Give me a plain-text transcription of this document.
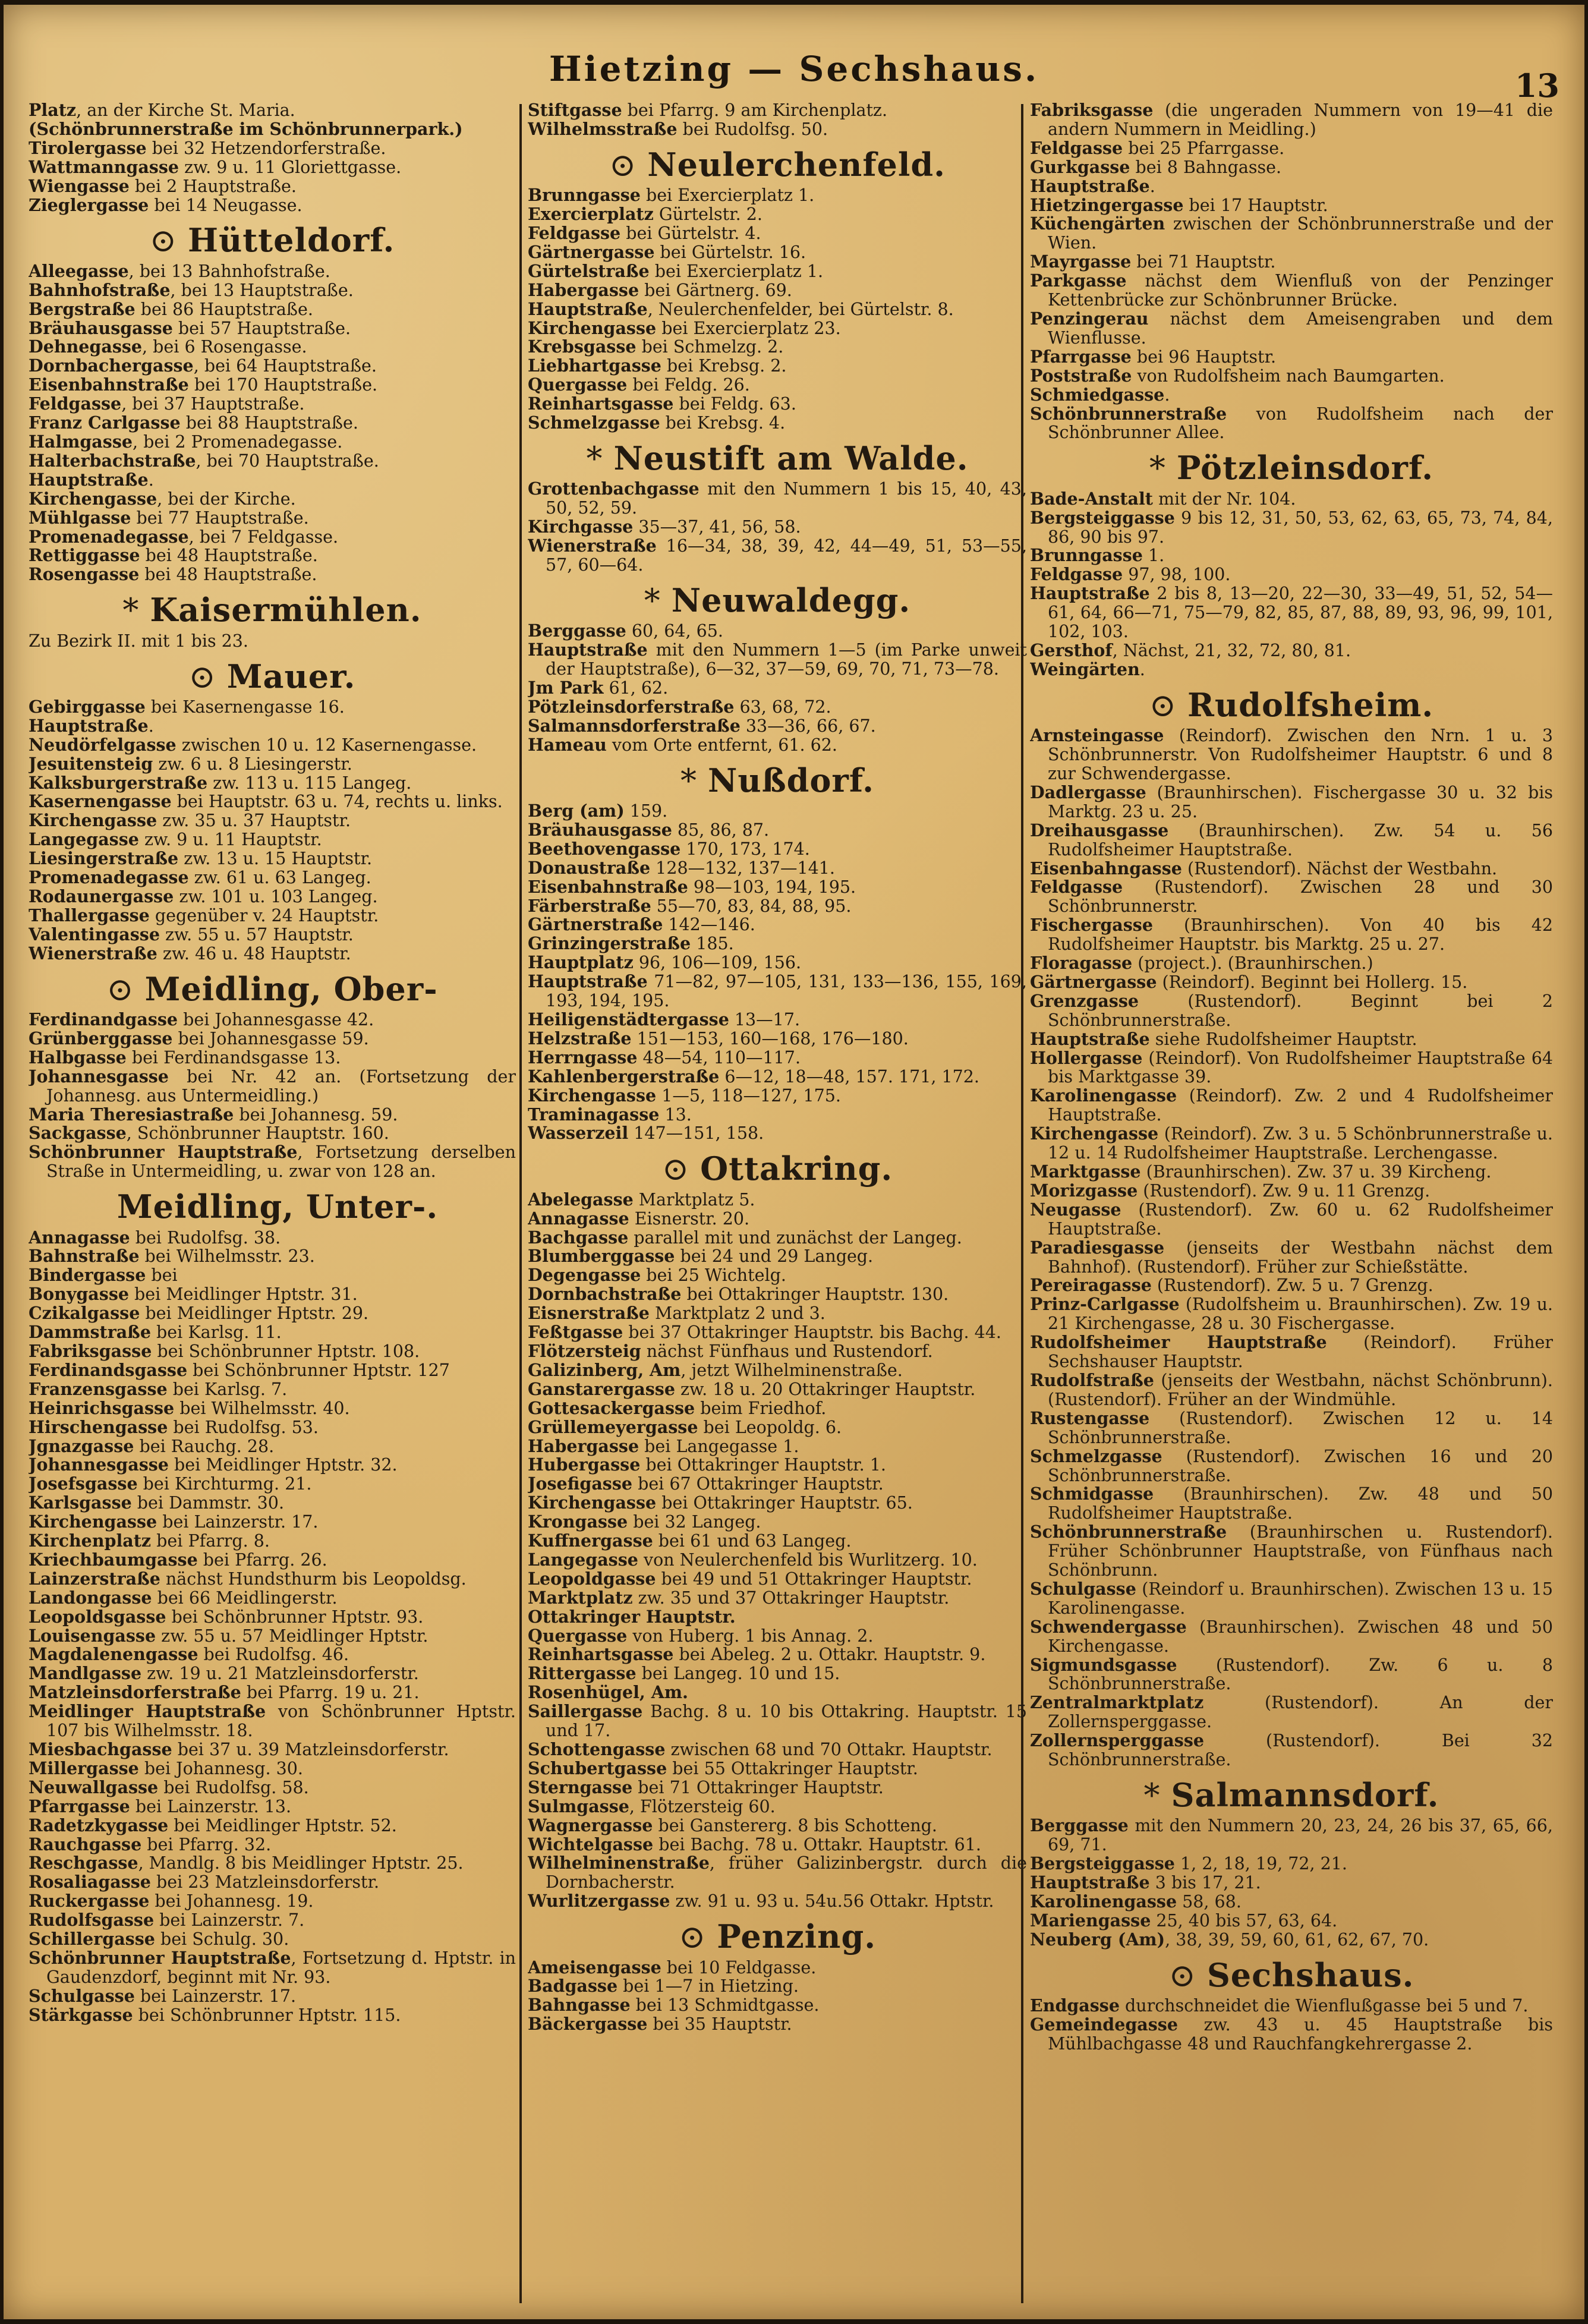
Hietzing — Sechshaus.	13

Platz, an der Kirche St. Maria.

(Schönbrunnerstraße im Schönbrunnerpark.)

Tirolergasse bei 32 Hetzendorferstraße.

Wattmanngasse zw. 9 u. 11 Gloriettgasse.

Wiengasse bei 2 Hauptstraße.

Zieglergasse bei 14 Neugasse.

⊙ Hütteldorf.

Alleegasse, bei 13 Bahnhofstraße.

Bahnhofstraße, bei 13 Hauptstraße.

Bergstraße bei 86 Hauptstraße.

Bräuhausgasse bei 57 Hauptstraße.

Dehnegasse, bei 6 Rosengasse.

Dornbachergasse, bei 64 Hauptstraße.

Eisenbahnstraße bei 170 Hauptstraße.

Feldgasse, bei 37 Hauptstraße.

Franz Carlgasse bei 88 Hauptstraße.

Halmgasse, bei 2 Promenadegasse.

Halterbachstraße, bei 70 Hauptstraße.

Hauptstraße.

Kirchengasse, bei der Kirche.

Mühlgasse bei 77 Hauptstraße.

Promenadegasse, bei 7 Feldgasse.

Rettiggasse bei 48 Hauptstraße.

Rosengasse bei 48 Hauptstraße.

* Kaisermühlen.

Zu Bezirk II. mit 1 bis 23.

⊙ Mauer.

Gebirggasse bei Kasernengasse 16.

Hauptstraße.

Neudörfelgasse zwischen 10 u. 12 Kasernengasse.

Jesuitensteig zw. 6 u. 8 Liesingerstr.

Kalksburgerstraße zw. 113 u. 115 Langeg.

Kasernengasse bei Hauptstr. 63 u. 74, rechts u. links.

Kirchengasse zw. 35 u. 37 Hauptstr.

Langegasse zw. 9 u. 11 Hauptstr.

Liesingerstraße zw. 13 u. 15 Hauptstr.

Promenadegasse zw. 61 u. 63 Langeg.

Rodaunergasse zw. 101 u. 103 Langeg.

Thallergasse gegenüber v. 24 Hauptstr.

Valentingasse zw. 55 u. 57 Hauptstr.

Wienerstraße zw. 46 u. 48 Hauptstr.

⊙ Meidling, Ober-

Ferdinandgasse bei Johannesgasse 42.

Grünberggasse bei Johannesgasse 59.

Halbgasse bei Ferdinandsgasse 13.

Johannesgasse bei Nr. 42 an. (Fortsetzung der Johannesg. aus Untermeidling.)

Maria Theresiastraße bei Johannesg. 59.

Sackgasse, Schönbrunner Hauptstr. 160.

Schönbrunner Hauptstraße, Fortsetzung derselben Straße in Untermeidling, u. zwar von 128 an.

Meidling, Unter-.

Annagasse bei Rudolfsg. 38.

Bahnstraße bei Wilhelmsstr. 23.

Bindergasse bei

Bonygasse bei Meidlinger Hptstr. 31.

Czikalgasse bei Meidlinger Hptstr. 29.

Dammstraße bei Karlsg. 11.

Fabriksgasse bei Schönbrunner Hptstr. 108.

Ferdinandsgasse bei Schönbrunner Hptstr. 127

Franzensgasse bei Karlsg. 7.

Heinrichsgasse bei Wilhelmsstr. 40.

Hirschengasse bei Rudolfsg. 53.

Jgnazgasse bei Rauchg. 28.

Johannesgasse bei Meidlinger Hptstr. 32.

Josefsgasse bei Kirchturmg. 21.

Karlsgasse bei Dammstr. 30.

Kirchengasse bei Lainzerstr. 17.

Kirchenplatz bei Pfarrg. 8.

Kriechbaumgasse bei Pfarrg. 26.

Lainzerstraße nächst Hundsthurm bis Leopoldsg.

Landongasse bei 66 Meidlingerstr.

Leopoldsgasse bei Schönbrunner Hptstr. 93.

Louisengasse zw. 55 u. 57 Meidlinger Hptstr.

Magdalenengasse bei Rudolfsg. 46.

Mandlgasse zw. 19 u. 21 Matzleinsdorferstr.

Matzleinsdorferstraße bei Pfarrg. 19 u. 21.

Meidlinger Hauptstraße von Schönbrunner Hptstr. 107 bis Wilhelmsstr. 18.

Miesbachgasse bei 37 u. 39 Matzleinsdorferstr.

Millergasse bei Johannesg. 30.

Neuwallgasse bei Rudolfsg. 58.

Pfarrgasse bei Lainzerstr. 13.

Radetzkygasse bei Meidlinger Hptstr. 52.

Rauchgasse bei Pfarrg. 32.

Reschgasse, Mandlg. 8 bis Meidlinger Hptstr. 25.

Rosaliagasse bei 23 Matzleinsdorferstr.

Ruckergasse bei Johannesg. 19.

Rudolfsgasse bei Lainzerstr. 7.

Schillergasse bei Schulg. 30.

Schönbrunner Hauptstraße, Fortsetzung d. Hptstr. in Gaudenzdorf, beginnt mit Nr. 93.

Schulgasse bei Lainzerstr. 17.

Stärkgasse bei Schönbrunner Hptstr. 115.

Stiftgasse bei Pfarrg. 9 am Kirchenplatz.

Wilhelmsstraße bei Rudolfsg. 50.

⊙ Neulerchenfeld.

Brunngasse bei Exercierplatz 1.

Exercierplatz Gürtelstr. 2.

Feldgasse bei Gürtelstr. 4.

Gärtnergasse bei Gürtelstr. 16.

Gürtelstraße bei Exercierplatz 1.

Habergasse bei Gärtnerg. 69.

Hauptstraße, Neulerchenfelder, bei Gürtelstr. 8.

Kirchengasse bei Exercierplatz 23.

Krebsgasse bei Schmelzg. 2.

Liebhartgasse bei Krebsg. 2.

Quergasse bei Feldg. 26.

Reinhartsgasse bei Feldg. 63.

Schmelzgasse bei Krebsg. 4.

* Neustift am Walde.

Grottenbachgasse mit den Nummern 1 bis 15, 40, 43, 50, 52, 59.

Kirchgasse 35—37, 41, 56, 58.

Wienerstraße 16—34, 38, 39, 42, 44—49, 51, 53—55, 57, 60—64.

* Neuwaldegg.

Berggasse 60, 64, 65.

Hauptstraße mit den Nummern 1—5 (im Parke unweit der Hauptstraße), 6—32, 37—59, 69, 70, 71, 73—78.

Jm Park 61, 62.

Pötzleinsdorferstraße 63, 68, 72.

Salmannsdorferstraße 33—36, 66, 67.

Hameau vom Orte entfernt, 61. 62.

* Nußdorf.

Berg (am) 159.

Bräuhausgasse 85, 86, 87.

Beethovengasse 170, 173, 174.

Donaustraße 128—132, 137—141.

Eisenbahnstraße 98—103, 194, 195.

Färberstraße 55—70, 83, 84, 88, 95.

Gärtnerstraße 142—146.

Grinzingerstraße 185.

Hauptplatz 96, 106—109, 156.

Hauptstraße 71—82, 97—105, 131, 133—136, 155, 169, 193, 194, 195.

Heiligenstädtergasse 13—17.

Helzstraße 151—153, 160—168, 176—180.

Herrngasse 48—54, 110—117.

Kahlenbergerstraße 6—12, 18—48, 157. 171, 172.

Kirchengasse 1—5, 118—127, 175.

Traminagasse 13.

Wasserzeil 147—151, 158.

⊙ Ottakring.

Abelegasse Marktplatz 5.

Annagasse Eisnerstr. 20.

Bachgasse parallel mit und zunächst der Langeg.

Blumberggasse bei 24 und 29 Langeg.

Degengasse bei 25 Wichtelg.

Dornbachstraße bei Ottakringer Hauptstr. 130.

Eisnerstraße Marktplatz 2 und 3.

Feßtgasse bei 37 Ottakringer Hauptstr. bis Bachg. 44.

Flötzersteig nächst Fünfhaus und Rustendorf.

Galizinberg, Am, jetzt Wilhelminenstraße.

Ganstarergasse zw. 18 u. 20 Ottakringer Hauptstr.

Gottesackergasse beim Friedhof.

Grüllemeyergasse bei Leopoldg. 6.

Habergasse bei Langegasse 1.

Hubergasse bei Ottakringer Hauptstr. 1.

Josefigasse bei 67 Ottakringer Hauptstr.

Kirchengasse bei Ottakringer Hauptstr. 65.

Krongasse bei 32 Langeg.

Kuffnergasse bei 61 und 63 Langeg.

Langegasse von Neulerchenfeld bis Wurlitzerg. 10.

Leopoldgasse bei 49 und 51 Ottakringer Hauptstr.

Marktplatz zw. 35 und 37 Ottakringer Hauptstr.

Ottakringer Hauptstr.

Quergasse von Huberg. 1 bis Annag. 2.

Reinhartsgasse bei Abeleg. 2 u. Ottakr. Hauptstr. 9.

Rittergasse bei Langeg. 10 und 15.

Rosenhügel, Am.

Saillergasse Bachg. 8 u. 10 bis Ottakring. Hauptstr. 15 und 17.

Schottengasse zwischen 68 und 70 Ottakr. Hauptstr.

Schubertgasse bei 55 Ottakringer Hauptstr.

Sterngasse bei 71 Ottakringer Hauptstr.

Sulmgasse, Flötzersteig 60.

Wagnergasse bei Ganstererg. 8 bis Schotteng.

Wichtelgasse bei Bachg. 78 u. Ottakr. Hauptstr. 61.

Wilhelminenstraße, früher Galizinbergstr. durch die Dornbacherstr.

Wurlitzergasse zw. 91 u. 93 u. 54u.56 Ottakr. Hptstr.

⊙ Penzing.

Ameisengasse bei 10 Feldgasse.

Badgasse bei 1—7 in Hietzing.

Bahngasse bei 13 Schmidtgasse.

Bäckergasse bei 35 Hauptstr.

Fabriksgasse (die ungeraden Nummern von 19—41 die andern Nummern in Meidling.)

Feldgasse bei 25 Pfarrgasse.

Gurkgasse bei 8 Bahngasse.

Hauptstraße.

Hietzingergasse bei 17 Hauptstr.

Küchengärten zwischen der Schönbrunnerstraße und der Wien.

Mayrgasse bei 71 Hauptstr.

Parkgasse nächst dem Wienfluß von der Penzinger Kettenbrücke zur Schönbrunner Brücke.

Penzingerau nächst dem Ameisengraben und dem Wienflusse.

Pfarrgasse bei 96 Hauptstr.

Poststraße von Rudolfsheim nach Baumgarten.

Schmiedgasse.

Schönbrunnerstraße von Rudolfsheim nach der Schönbrunner Allee.

* Pötzleinsdorf.

Bade-Anstalt mit der Nr. 104.

Bergsteiggasse 9 bis 12, 31, 50, 53, 62, 63, 65, 73, 74, 84, 86, 90 bis 97.

Brunngasse 1.

Feldgasse 97, 98, 100.

Hauptstraße 2 bis 8, 13—20, 22—30, 33—49, 51, 52, 54—61, 64, 66—71, 75—79, 82, 85, 87, 88, 89, 93, 96, 99, 101, 102, 103.

Gersthof, Nächst, 21, 32, 72, 80, 81.

Weingärten.

⊙ Rudolfsheim.

Arnsteingasse (Reindorf). Zwischen den Nrn. 1 u. 3 Schönbrunnerstr. Von Rudolfsheimer Hauptstr. 6 und 8 zur Schwendergasse.

Dadlergasse (Braunhirschen). Fischergasse 30 u. 32 bis Marktg. 23 u. 25.

Dreihausgasse (Braunhirschen). Zw. 54 u. 56 Rudolfsheimer Hauptstraße.

Eisenbahngasse (Rustendorf). Nächst der Westbahn.

Feldgasse (Rustendorf). Zwischen 28 und 30 Schönbrunnerstr.

Fischergasse (Braunhirschen). Von 40 bis 42 Rudolfsheimer Hauptstr. bis Marktg. 25 u. 27.

Floragasse (project.). (Braunhirschen.)

Gärtnergasse (Reindorf). Beginnt bei Hollerg. 15.

Grenzgasse (Rustendorf). Beginnt bei 2 Schönbrunnerstraße.

Hauptstraße siehe Rudolfsheimer Hauptstr.

Hollergasse (Reindorf). Von Rudolfsheimer Hauptstraße 64 bis Marktgasse 39.

Karolinengasse (Reindorf). Zw. 2 und 4 Rudolfsheimer Hauptstraße.

Kirchengasse (Reindorf). Zw. 3 u. 5 Schönbrunnerstraße u. 12 u. 14 Rudolfsheimer Hauptstraße. Lerchengasse.

Marktgasse (Braunhirschen). Zw. 37 u. 39 Kircheng.

Morizgasse (Rustendorf). Zw. 9 u. 11 Grenzg.

Neugasse (Rustendorf). Zw. 60 u. 62 Rudolfsheimer Hauptstraße.

Paradiesgasse (jenseits der Westbahn nächst dem Bahnhof). (Rustendorf). Früher zur Schießstätte.

Pereiragasse (Rustendorf). Zw. 5 u. 7 Grenzg.

Prinz-Carlgasse (Rudolfsheim u. Braunhirschen). Zw. 19 u. 21 Kirchengasse, 28 u. 30 Fischergasse.

Rudolfsheimer Hauptstraße (Reindorf). Früher Sechshauser Hauptstr.

Rudolfstraße (jenseits der Westbahn, nächst Schönbrunn). (Rustendorf). Früher an der Windmühle.

Rustengasse (Rustendorf). Zwischen 12 u. 14 Schönbrunnerstraße.

Schmelzgasse (Rustendorf). Zwischen 16 und 20 Schönbrunnerstraße.

Schmidgasse (Braunhirschen). Zw. 48 und 50 Rudolfsheimer Hauptstraße.

Schönbrunnerstraße (Braunhirschen u. Rustendorf). Früher Schönbrunner Hauptstraße, von Fünfhaus nach Schönbrunn.

Schulgasse (Reindorf u. Braunhirschen). Zwischen 13 u. 15 Karolinengasse.

Schwendergasse (Braunhirschen). Zwischen 48 und 50 Kirchengasse.

Sigmundsgasse (Rustendorf). Zw. 6 u. 8 Schönbrunnerstraße.

Zentralmarktplatz (Rustendorf). An der Zollernsperggasse.

Zollernsperggasse (Rustendorf). Bei 32 Schönbrunnerstraße.

* Salmannsdorf.

Berggasse mit den Nummern 20, 23, 24, 26 bis 37, 65, 66, 69, 71.

Bergsteiggasse 1, 2, 18, 19, 72, 21.

Hauptstraße 3 bis 17, 21.

Karolinengasse 58, 68.

Mariengasse 25, 40 bis 57, 63, 64.

Neuberg (Am), 38, 39, 59, 60, 61, 62, 67, 70.

⊙ Sechshaus.

Endgasse durchschneidet die Wienflußgasse bei 5 und 7.

Gemeindegasse zw. 43 u. 45 Hauptstraße bis Mühlbachgasse 48 und Rauchfangkehrergasse 2.
